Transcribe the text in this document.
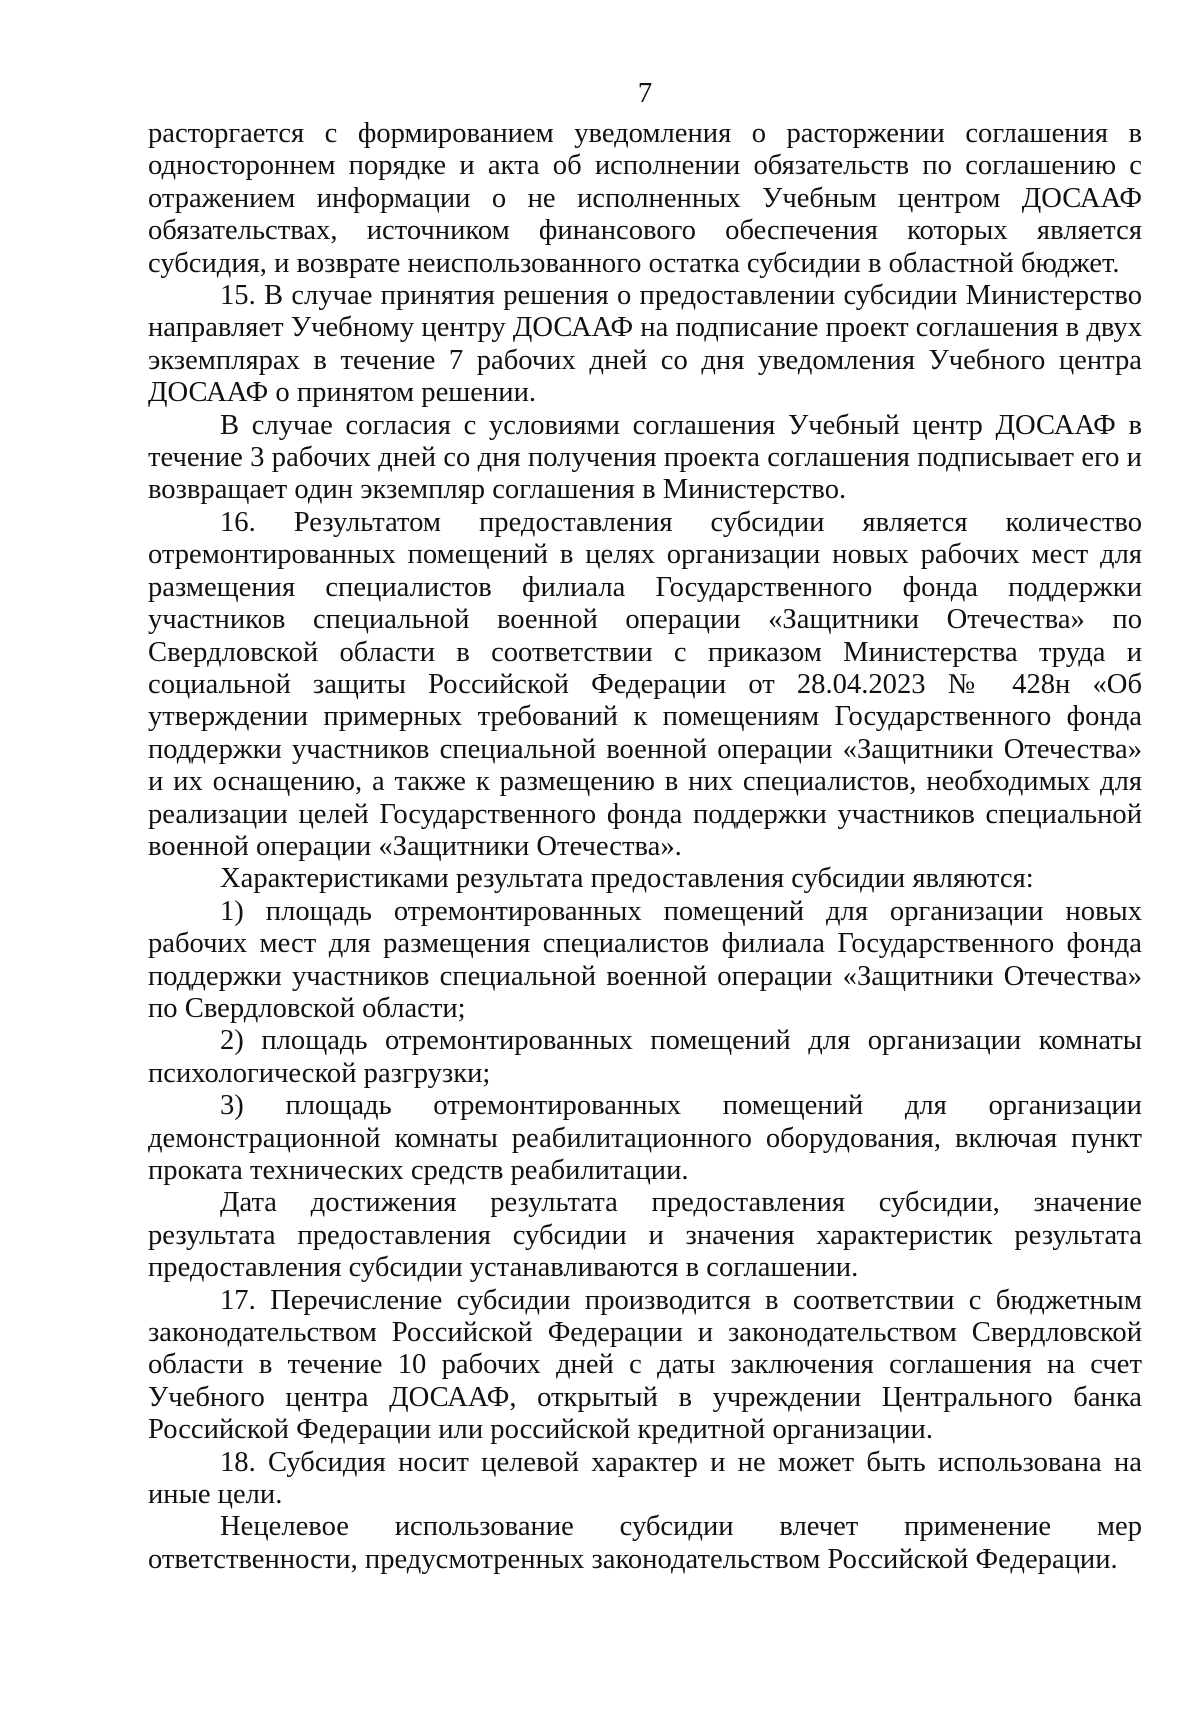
7

расторгается с формированием уведомления о расторжении соглашения в одностороннем порядке и акта об исполнении обязательств по соглашению с отражением информации о не исполненных Учебным центром ДОСААФ обязательствах, источником финансового обеспечения которых является субсидия, и возврате неиспользованного остатка субсидии в областной бюджет.

15. В случае принятия решения о предоставлении субсидии Министерство направляет Учебному центру ДОСААФ на подписание проект соглашения в двух экземплярах в течение 7 рабочих дней со дня уведомления Учебного центра ДОСААФ о принятом решении.

В случае согласия с условиями соглашения Учебный центр ДОСААФ в течение 3 рабочих дней со дня получения проекта соглашения подписывает его и возвращает один экземпляр соглашения в Министерство.

16. Результатом предоставления субсидии является количество отремонтированных помещений в целях организации новых рабочих мест для размещения специалистов филиала Государственного фонда поддержки участников специальной военной операции «Защитники Отечества» по Свердловской области в соответствии с приказом Министерства труда и социальной защиты Российской Федерации от 28.04.2023 № 428н «Об утверждении примерных требований к помещениям Государственного фонда поддержки участников специальной военной операции «Защитники Отечества» и их оснащению, а также к размещению в них специалистов, необходимых для реализации целей Государственного фонда поддержки участников специальной военной операции «Защитники Отечества».

Характеристиками результата предоставления субсидии являются:

1) площадь отремонтированных помещений для организации новых рабочих мест для размещения специалистов филиала Государственного фонда поддержки участников специальной военной операции «Защитники Отечества» по Свердловской области;

2) площадь отремонтированных помещений для организации комнаты психологической разгрузки;

3) площадь отремонтированных помещений для организации демонстрационной комнаты реабилитационного оборудования, включая пункт проката технических средств реабилитации.

Дата достижения результата предоставления субсидии, значение результата предоставления субсидии и значения характеристик результата предоставления субсидии устанавливаются в соглашении.

17. Перечисление субсидии производится в соответствии с бюджетным законодательством Российской Федерации и законодательством Свердловской области в течение 10 рабочих дней с даты заключения соглашения на счет Учебного центра ДОСААФ, открытый в учреждении Центрального банка Российской Федерации или российской кредитной организации.

18. Субсидия носит целевой характер и не может быть использована на иные цели.

Нецелевое использование субсидии влечет применение мер ответственности, предусмотренных законодательством Российской Федерации.
